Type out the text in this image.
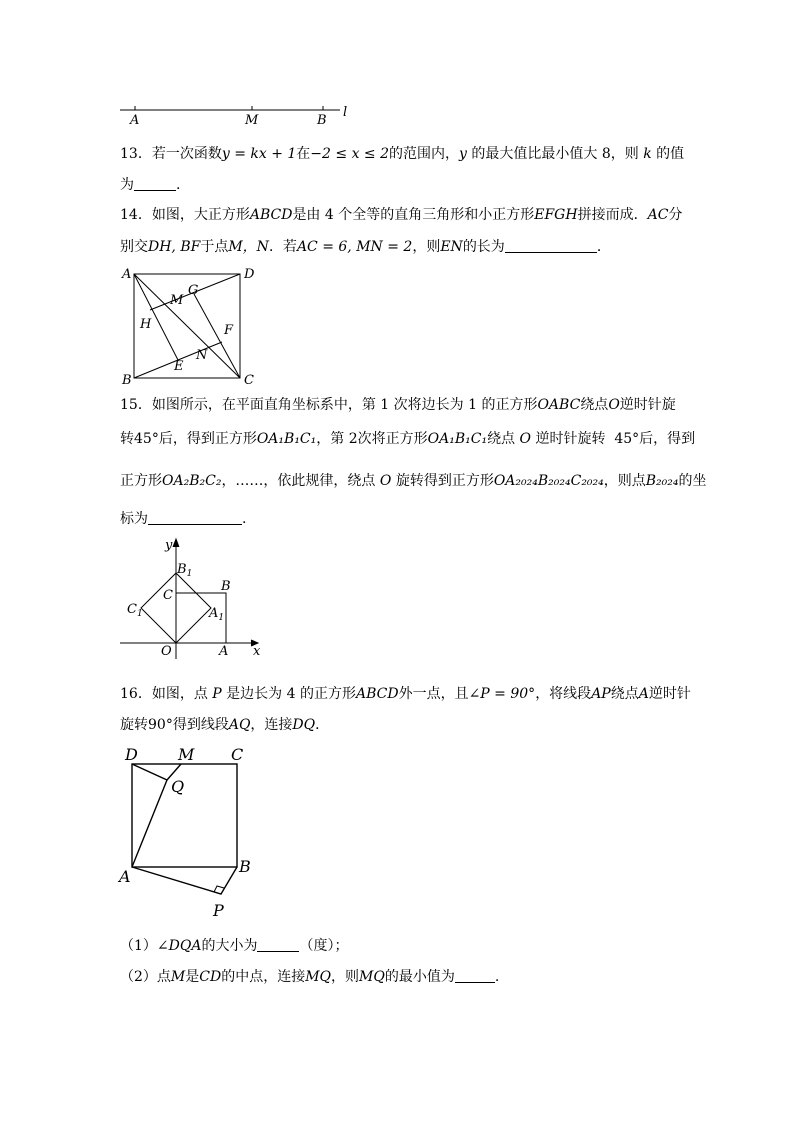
A	M	B
l
13．若一次函数y = kx + 1在−2 ≤ x ≤ 2的范围内，y 的最大值比最小值大 8，则 k 的值
为	.
14．如图，大正方形ABCD是由 4 个全等的直角三角形和小正方形EFGH拼接而成．AC分
别交DH, BF于点M，N．若AC = 6, MN = 2，则EN的长为	．
A	D
B	C
M
G
H	F
N
E
15．如图所示，在平面直角坐标系中，第 1 次将边长为 1 的正方形OABC绕点O逆时针旋
转45°后，得到正方形OA₁B₁C₁，第 2次将正方形OA₁B₁C₁绕点 O 逆时针旋转  45°后，得到
正方形OA₂B₂C₂，……，依此规律，绕点 O 旋转得到正方形OA₂₀₂₄B₂₀₂₄C₂₀₂₄，则点B₂₀₂₄的坐
标为	.
y
x
O	A
B
C
$B_1$
$A_1$
$C_1$
16．如图，点 P 是边长为 4 的正方形ABCD外一点，且∠P = 90°，将线段AP绕点A逆时针
旋转90°得到线段AQ，连接DQ．
D	M C
Q
B
A
P
（1）∠DQA的大小为	（度）；
（2）点M是CD的中点，连接MQ，则MQ的最小值为	.
